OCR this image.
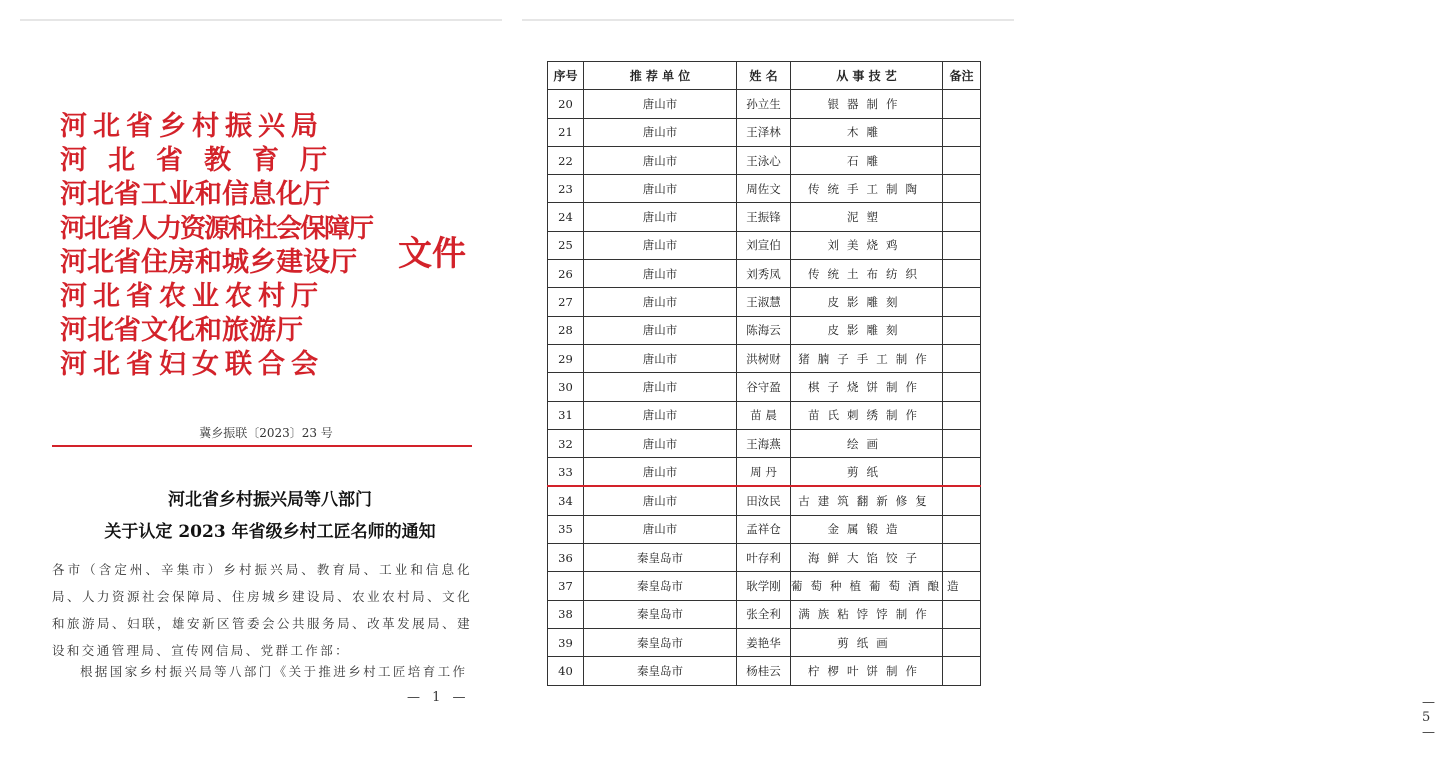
河北省乡村振兴局
河北省教育厅
河北省工业和信息化厅
河北省人力资源和社会保障厅
河北省住房和城乡建设厅
河北省农业农村厅
河北省文化和旅游厅
河北省妇女联合会
文件
冀乡振联〔2023〕23 号
河北省乡村振兴局等八部门
关于认定 2023 年省级乡村工匠名师的通知
各市（含定州、辛集市）乡村振兴局、教育局、工业和信息化局、人力资源社会保障局、住房城乡建设局、农业农村局、文化和旅游局、妇联，雄安新区管委会公共服务局、改革发展局、建设和交通管理局、宣传网信局、党群工作部：
根据国家乡村振兴局等八部门《关于推进乡村工匠培育工作
— 1 —	— 5 —
序号	推 荐 单 位	姓 名	从 事 技 艺	备注
20	唐山市	孙立生	银器制作	
21	唐山市	王泽林	木雕	
22	唐山市	王泳心	石雕	
23	唐山市	周佐文	传统手工制陶	
24	唐山市	王振锋	泥塑	
25	唐山市	刘宣伯	刘美烧鸡	
26	唐山市	刘秀凤	传统土布纺织	
27	唐山市	王淑慧	皮影雕刻	
28	唐山市	陈海云	皮影雕刻	
29	唐山市	洪树财	猪腩子手工制作	
30	唐山市	谷守盈	棋子烧饼制作	
31	唐山市	苗 晨	苗氏刺绣制作	
32	唐山市	王海燕	绘画	
33	唐山市	周 丹	剪纸	
34	唐山市	田汝民	古建筑翻新修复	
35	唐山市	孟祥仓	金属锻造	
36	秦皇岛市	叶存利	海鲜大馅饺子	
37	秦皇岛市	耿学刚	葡萄种植葡萄酒酿造	
38	秦皇岛市	张全利	满族粘饽饽制作	
39	秦皇岛市	姜艳华	剪纸画	
40	秦皇岛市	杨桂云	柠椤叶饼制作	
